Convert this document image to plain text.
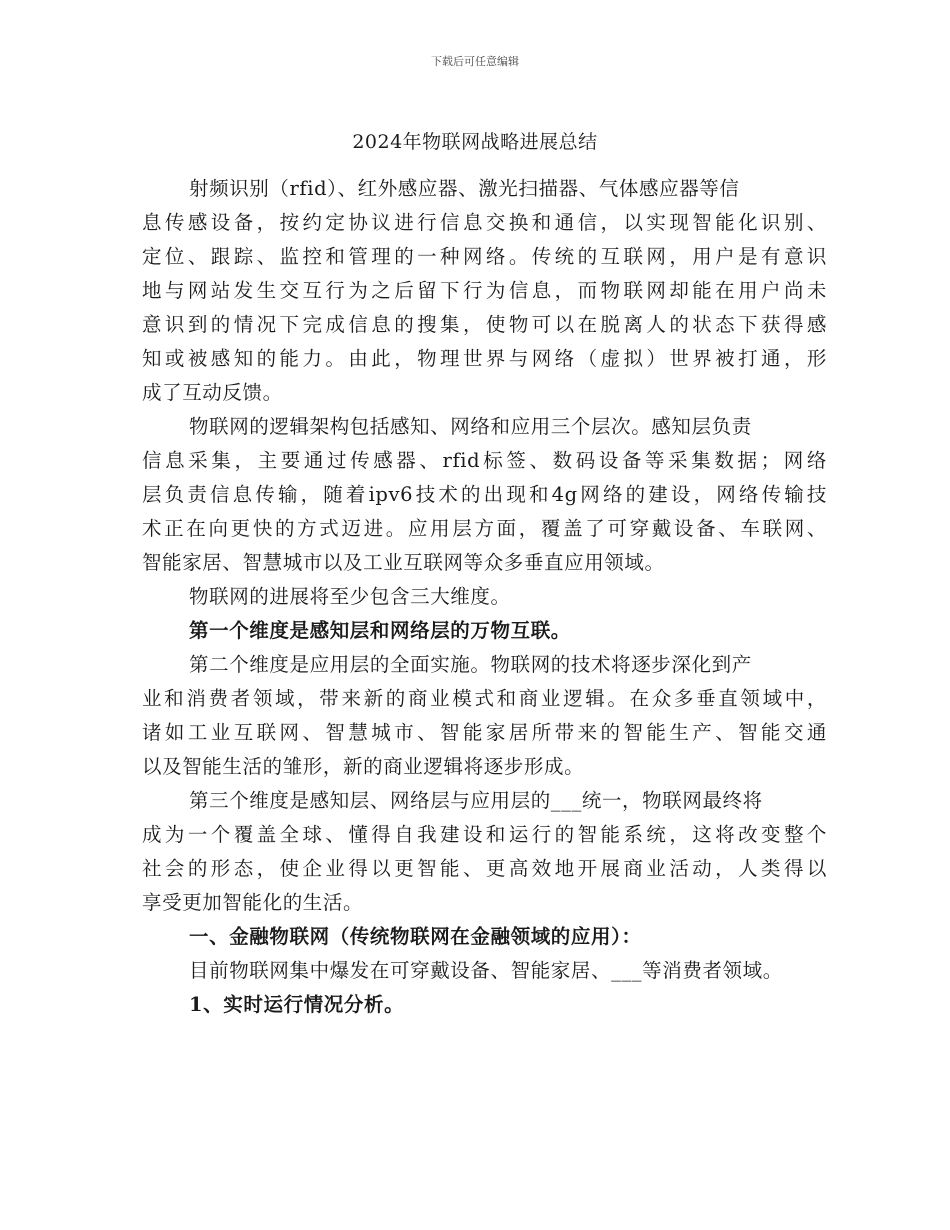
下载后可任意编辑
2024年物联网战略进展总结
射频识别（rfid）、红外感应器、激光扫描器、气体感应器等信
息传感设备，按约定协议进行信息交换和通信，以实现智能化识别、
定位、跟踪、监控和管理的一种网络。传统的互联网，用户是有意识
地与网站发生交互行为之后留下行为信息，而物联网却能在用户尚未
意识到的情况下完成信息的搜集，使物可以在脱离人的状态下获得感
知或被感知的能力。由此，物理世界与网络（虚拟）世界被打通，形
成了互动反馈。
物联网的逻辑架构包括感知、网络和应用三个层次。感知层负责
信息采集，主要通过传感器、rfid标签、数码设备等采集数据；网络
层负责信息传输，随着ipv6技术的出现和4g网络的建设，网络传输技
术正在向更快的方式迈进。应用层方面，覆盖了可穿戴设备、车联网、
智能家居、智慧城市以及工业互联网等众多垂直应用领域。
物联网的进展将至少包含三大维度。
第一个维度是感知层和网络层的万物互联。
第二个维度是应用层的全面实施。物联网的技术将逐步深化到产
业和消费者领域，带来新的商业模式和商业逻辑。在众多垂直领域中，
诸如工业互联网、智慧城市、智能家居所带来的智能生产、智能交通
以及智能生活的雏形，新的商业逻辑将逐步形成。
第三个维度是感知层、网络层与应用层的___统一，物联网最终将
成为一个覆盖全球、懂得自我建设和运行的智能系统，这将改变整个
社会的形态，使企业得以更智能、更高效地开展商业活动，人类得以
享受更加智能化的生活。
一、金融物联网（传统物联网在金融领域的应用）：
目前物联网集中爆发在可穿戴设备、智能家居、___等消费者领域。
1、实时运行情况分析。
